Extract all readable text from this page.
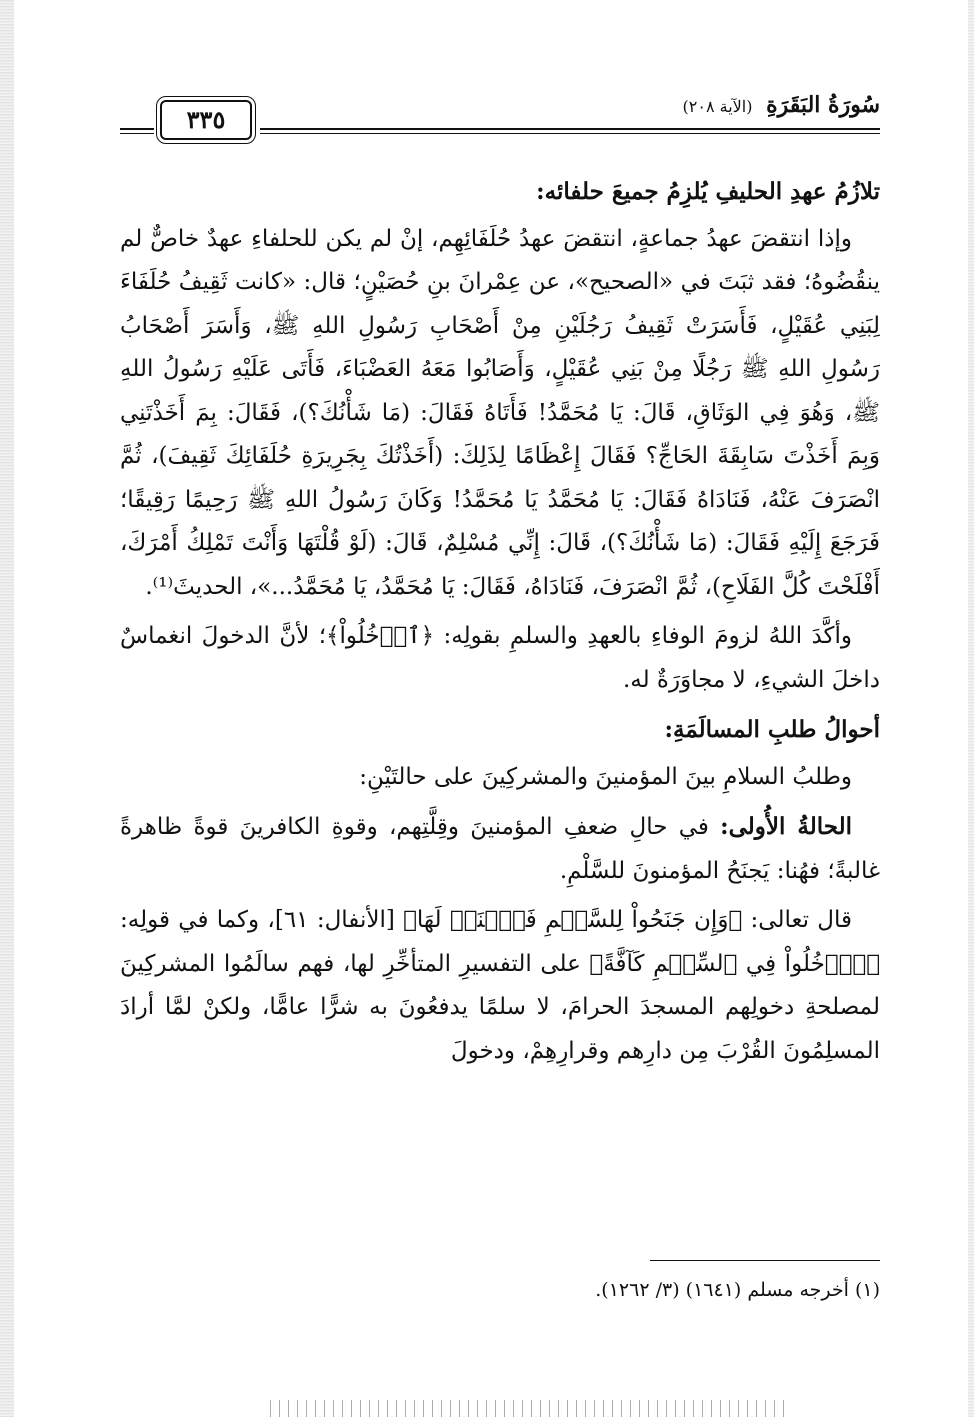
سُورَةُ البَقَرَةِ (الآية ٢٠٨)
٣٣٥
تلازُمُ عهدِ الحليفِ يُلزِمُ جميعَ حلفائه:

وإذا انتقضَ عهدُ جماعةٍ، انتقضَ عهدُ حُلَفَائِهِم، إنْ لم يكن للحلفاءِ عهدٌ خاصٌّ لم ينقُضُوهُ؛ فقد ثبَتَ في «الصحيح»، عن عِمْرانَ بنِ حُصَيْنٍ؛ قال: «كانت ثَقِيفُ حُلَفَاءَ لِبَنِي عُقَيْلٍ، فَأَسَرَتْ ثَقِيفُ رَجُلَيْنِ مِنْ أَصْحَابِ رَسُولِ اللهِ ﷺ، وَأَسَرَ أَصْحَابُ رَسُولِ اللهِ ﷺ رَجُلًا مِنْ بَنِي عُقَيْلٍ، وَأَصَابُوا مَعَهُ العَضْبَاءَ، فَأَتَى عَلَيْهِ رَسُولُ اللهِ ﷺ، وَهُوَ فِي الوَثَاقِ، قَالَ: يَا مُحَمَّدُ! فَأَتَاهُ فَقَالَ: (مَا شَأْنُكَ؟)، فَقَالَ: بِمَ أَخَذْتَنِي وَبِمَ أَخَذْتَ سَابِقَةَ الحَاجِّ؟ فَقَالَ إِعْظَامًا لِذَلِكَ: (أَخَذْتُكَ بِجَرِيرَةِ حُلَفَائِكَ ثَقِيفَ)، ثُمَّ انْصَرَفَ عَنْهُ، فَنَادَاهُ فَقَالَ: يَا مُحَمَّدُ يَا مُحَمَّدُ! وَكَانَ رَسُولُ اللهِ ﷺ رَحِيمًا رَقِيقًا؛ فَرَجَعَ إِلَيْهِ فَقَالَ: (مَا شَأْنُكَ؟)، قَالَ: إِنِّي مُسْلِمٌ، قَالَ: (لَوْ قُلْتَهَا وَأَنْتَ تَمْلِكُ أَمْرَكَ، أَفْلَحْتَ كُلَّ الفَلَاحِ)، ثُمَّ انْصَرَفَ، فَنَادَاهُ، فَقَالَ: يَا مُحَمَّدُ، يَا مُحَمَّدُ...»، الحديثَ⁽¹⁾.

وأكَّدَ اللهُ لزومَ الوفاءِ بالعهدِ والسلمِ بقولِه: ﴿ٱدۡخُلُواْ﴾؛ لأنَّ الدخولَ انغماسٌ داخلَ الشيءِ، لا مجاوَرَةٌ له.

أحوالُ طلبِ المسالَمَةِ:

وطلبُ السلامِ بينَ المؤمنينَ والمشركِينَ على حالتَيْنِ:

الحالةُ الأُولى: في حالِ ضعفِ المؤمنينَ وقِلَّتِهم، وقوةِ الكافرينَ قوةً ظاهرةً غالبةً؛ فهُنا: يَجنَحُ المؤمنونَ للسَّلْمِ.

قال تعالى: ﴿وَإِن جَنَحُواْ لِلسَّلۡمِ فَٱجۡنَحۡ لَهَا﴾ [الأنفال: ٦١]، وكما في قولِه: ﴿ٱدۡخُلُواْ فِي ٱلسِّلۡمِ كَآفَّةً﴾ على التفسيرِ المتأخِّرِ لها، فهم سالَمُوا المشركِينَ لمصلحةِ دخولِهم المسجدَ الحرامَ، لا سلمًا يدفعُونَ به شرًّا عامًّا، ولكنْ لمَّا أرادَ المسلِمُونَ القُرْبَ مِن دارِهم وقرارِهِمْ، ودخولَ

(١) أخرجه مسلم (١٦٤١) (٣/ ١٢٦٢).
